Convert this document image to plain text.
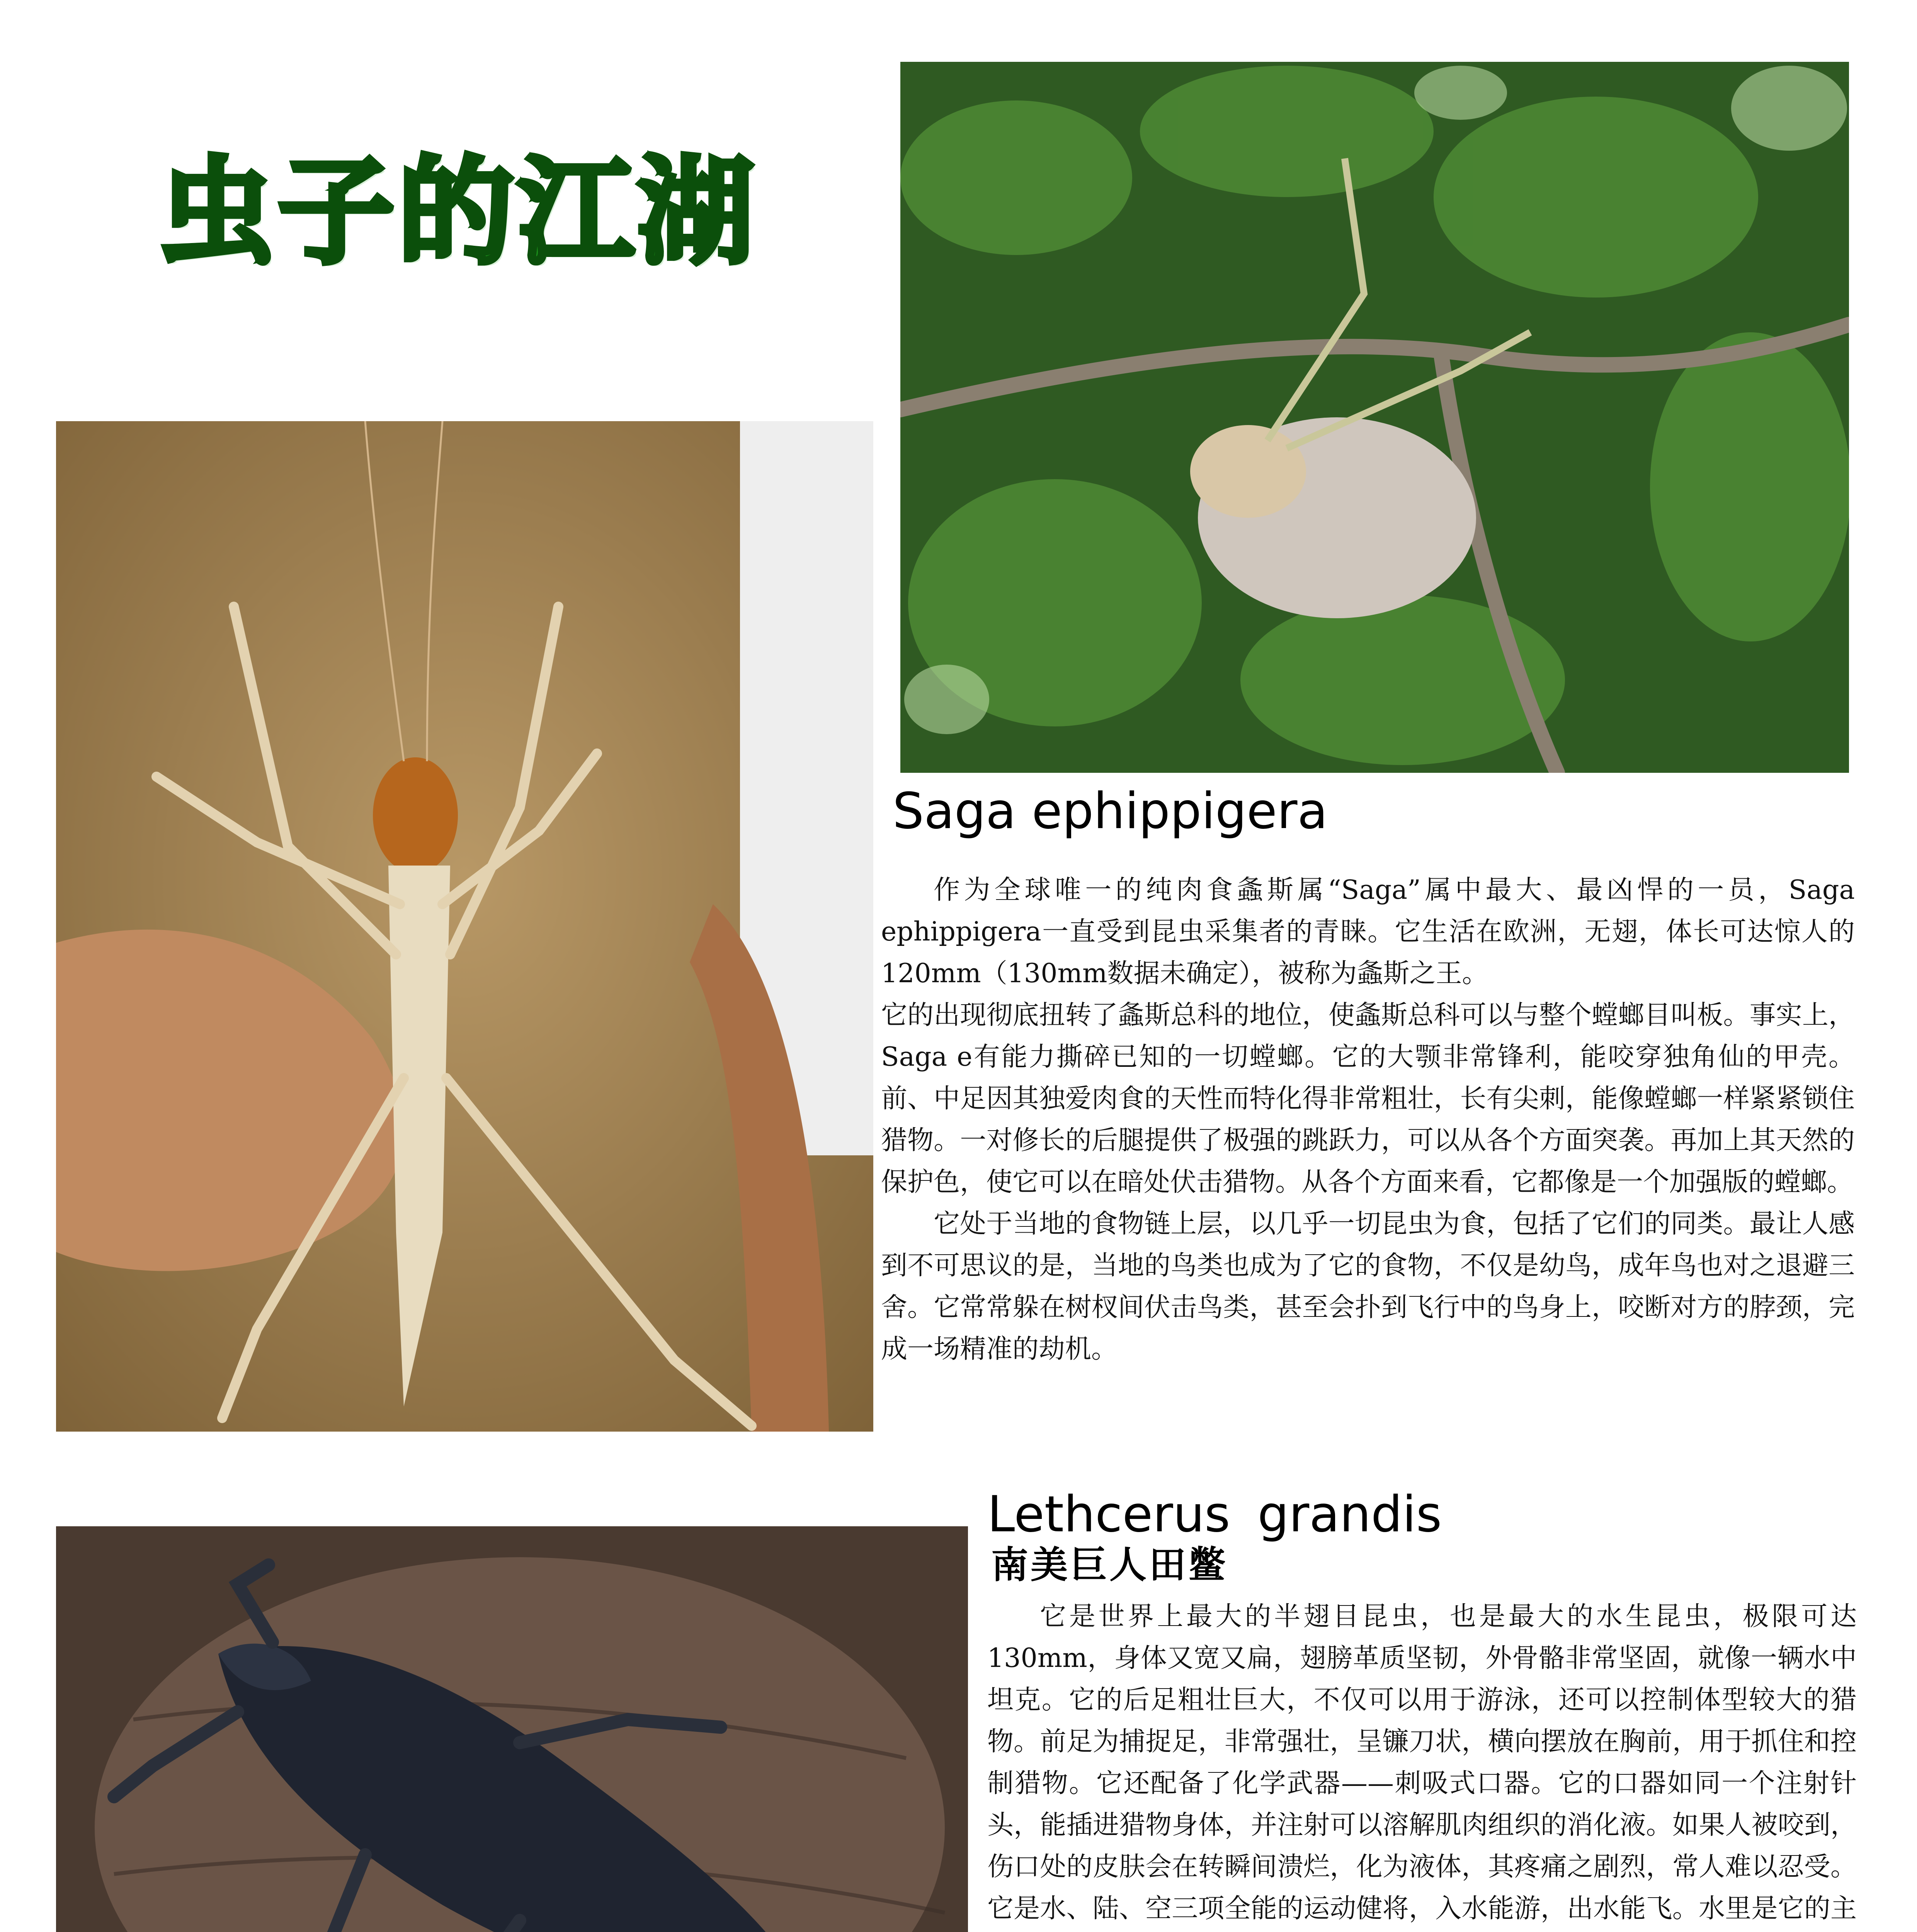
虫子的江湖
Saga ephippigera

作为全球唯一的纯肉食螽斯属“Saga”属中最大、最凶悍的一员，Saga ephippigera一直受到昆虫采集者的青睐。它生活在欧洲，无翅，体长可达惊人的120mm（130mm数据未确定），被称为螽斯之王。

它的出现彻底扭转了螽斯总科的地位，使螽斯总科可以与整个螳螂目叫板。事实上，Saga e有能力撕碎已知的一切螳螂。它的大颚非常锋利，能咬穿独角仙的甲壳。前、中足因其独爱肉食的天性而特化得非常粗壮，长有尖刺，能像螳螂一样紧紧锁住猎物。一对修长的后腿提供了极强的跳跃力，可以从各个方面突袭。再加上其天然的保护色，使它可以在暗处伏击猎物。从各个方面来看，它都像是一个加强版的螳螂。

它处于当地的食物链上层，以几乎一切昆虫为食，包括了它们的同类。最让人感到不可思议的是，当地的鸟类也成为了它的食物，不仅是幼鸟，成年鸟也对之退避三舍。它常常躲在树杈间伏击鸟类，甚至会扑到飞行中的鸟身上，咬断对方的脖颈，完成一场精准的劫机。

Lethcerus grandis
南美巨人田鳖

它是世界上最大的半翅目昆虫，也是最大的水生昆虫，极限可达130mm，身体又宽又扁，翅膀革质坚韧，外骨骼非常坚固，就像一辆水中坦克。它的后足粗壮巨大，不仅可以用于游泳，还可以控制体型较大的猎物。前足为捕捉足，非常强壮，呈镰刀状，横向摆放在胸前，用于抓住和控制猎物。它还配备了化学武器——刺吸式口器。它的口器如同一个注射针头，能插进猎物身体，并注射可以溶解肌肉组织的消化液。如果人被咬到，伤口处的皮肤会在转瞬间溃烂，化为液体，其疼痛之剧烈，常人难以忍受。它是水、陆、空三项全能的运动健将，入水能游，出水能飞。水里是它的主
